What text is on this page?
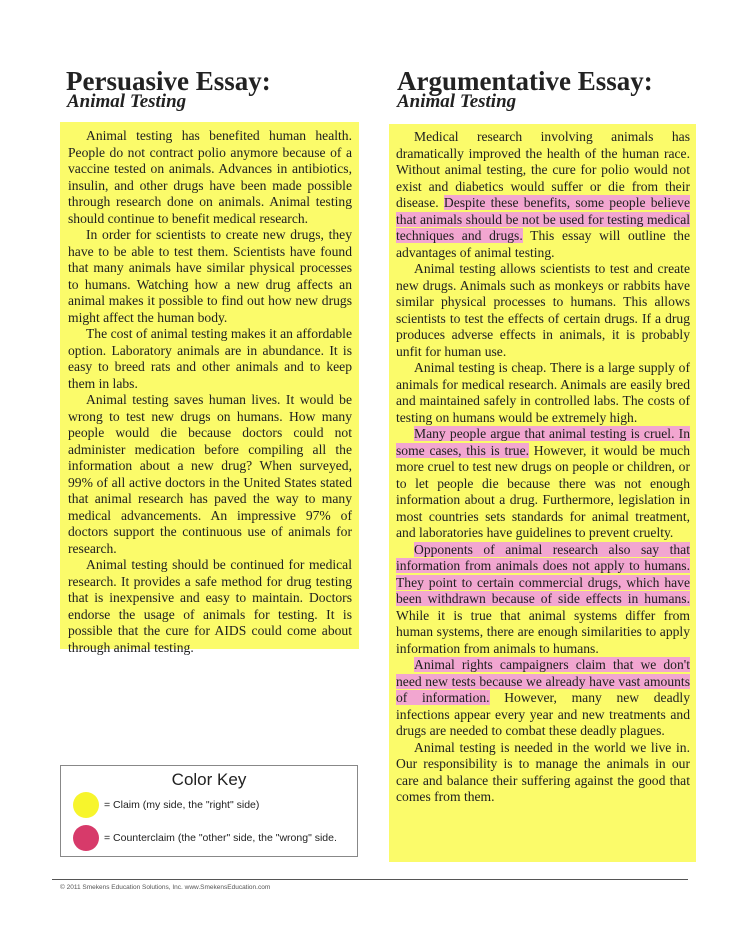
Persuasive Essay:
Animal Testing

Animal testing has benefited human health. People do not contract polio anymore because of a vaccine tested on animals. Advances in antibiotics, insulin, and other drugs have been made possible through research done on animals. Animal testing should continue to benefit medical research.

In order for scientists to create new drugs, they have to be able to test them. Scientists have found that many animals have similar physical processes to humans. Watching how a new drug affects an animal makes it possible to find out how new drugs might affect the human body.

The cost of animal testing makes it an affordable option. Laboratory animals are in abundance. It is easy to breed rats and other animals and to keep them in labs.

Animal testing saves human lives. It would be wrong to test new drugs on humans. How many people would die because doctors could not administer medication before compiling all the information about a new drug? When surveyed, 99% of all active doctors in the United States stated that animal research has paved the way to many medical advancements. An impressive 97% of doctors support the continuous use of animals for research.

Animal testing should be continued for medical research. It provides a safe method for drug testing that is inexpensive and easy to maintain. Doctors endorse the usage of animals for testing. It is possible that the cure for AIDS could come about through animal testing.

Argumentative Essay:
Animal Testing

Medical research involving animals has dramatically improved the health of the human race. Without animal testing, the cure for polio would not exist and diabetics would suffer or die from their disease. Despite these benefits, some people believe that animals should be not be used for testing medical techniques and drugs. This essay will outline the advantages of animal testing.

Animal testing allows scientists to test and create new drugs. Animals such as monkeys or rabbits have similar physical processes to humans. This allows scientists to test the effects of certain drugs. If a drug produces adverse effects in animals, it is probably unfit for human use.

Animal testing is cheap. There is a large supply of animals for medical research. Animals are easily bred and maintained safely in controlled labs. The costs of testing on humans would be extremely high.

Many people argue that animal testing is cruel. In some cases, this is true. However, it would be much more cruel to test new drugs on people or children, or to let people die because there was not enough information about a drug. Furthermore, legislation in most countries sets standards for animal treatment, and laboratories have guidelines to prevent cruelty.

Opponents of animal research also say that information from animals does not apply to humans. They point to certain commercial drugs, which have been withdrawn because of side effects in humans. While it is true that animal systems differ from human systems, there are enough similarities to apply information from animals to humans.

Animal rights campaigners claim that we don't need new tests because we already have vast amounts of information. However, many new deadly infections appear every year and new treatments and drugs are needed to combat these deadly plagues.

Animal testing is needed in the world we live in. Our responsibility is to manage the animals in our care and balance their suffering against the good that comes from them.

Color Key
= Claim (my side, the "right" side)
= Counterclaim (the "other" side, the "wrong" side.
© 2011 Smekens Education Solutions, Inc. www.SmekensEducation.com
